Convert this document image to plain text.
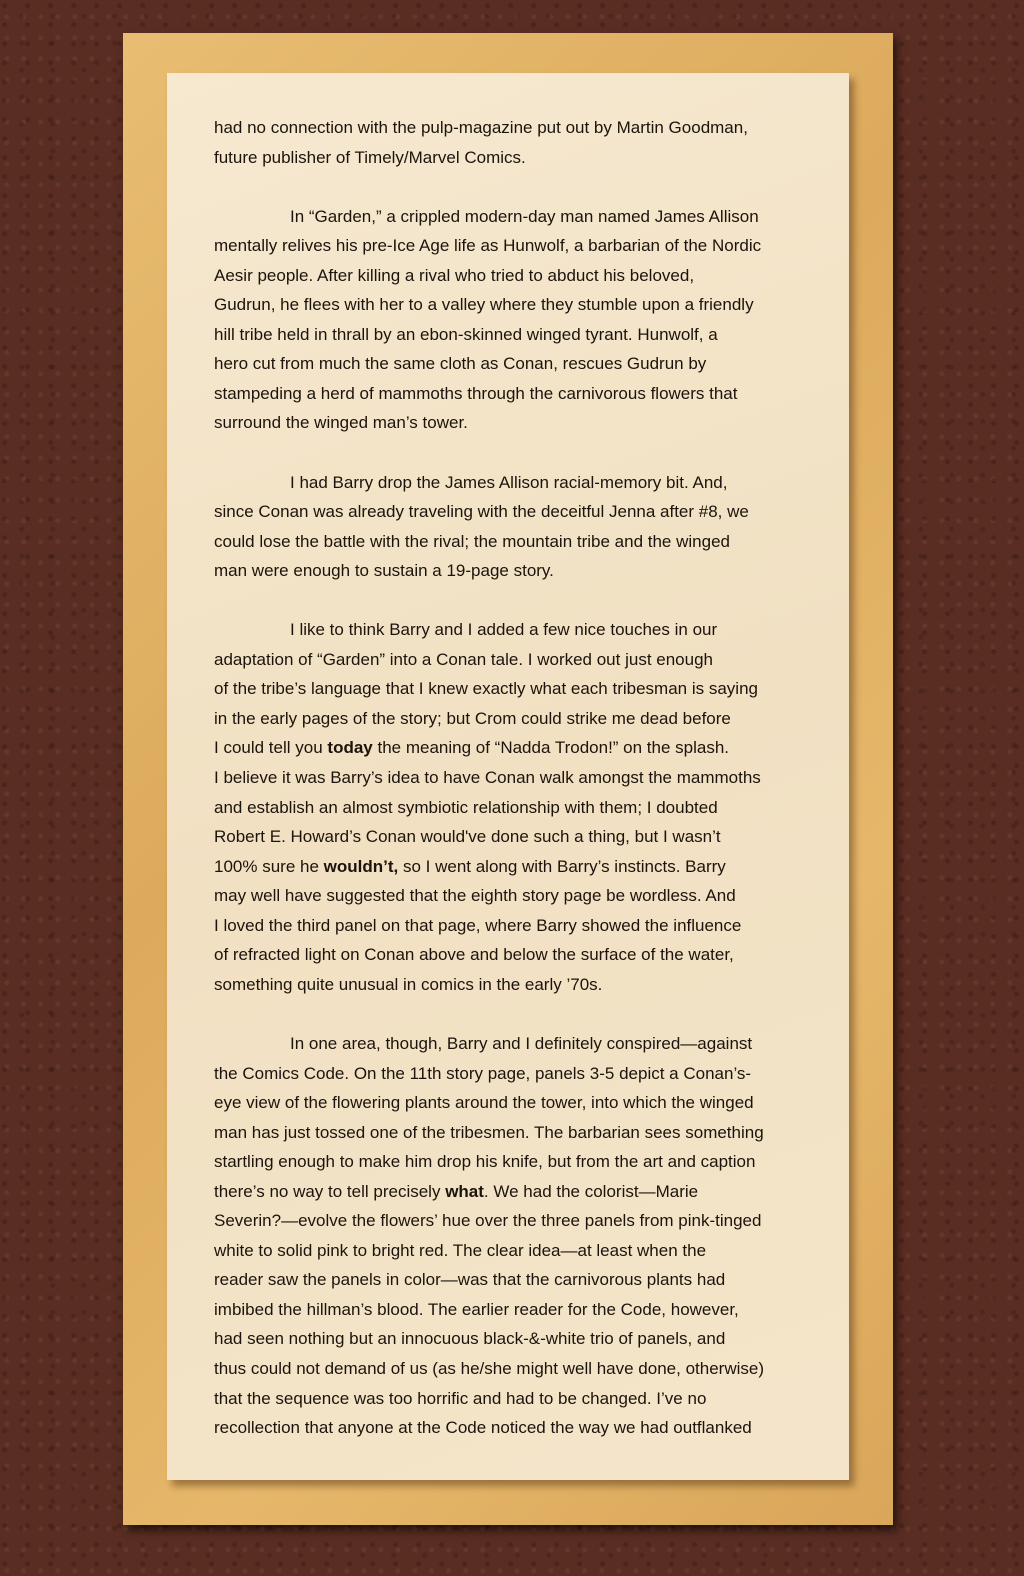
had no connection with the pulp-magazine put out by Martin Goodman,
future publisher of Timely/Marvel Comics.
In “Garden,” a crippled modern-day man named James Allison
mentally relives his pre-Ice Age life as Hunwolf, a barbarian of the Nordic
Aesir people. After killing a rival who tried to abduct his beloved,
Gudrun, he flees with her to a valley where they stumble upon a friendly
hill tribe held in thrall by an ebon-skinned winged tyrant. Hunwolf, a
hero cut from much the same cloth as Conan, rescues Gudrun by
stampeding a herd of mammoths through the carnivorous flowers that
surround the winged man’s tower.
I had Barry drop the James Allison racial-memory bit. And,
since Conan was already traveling with the deceitful Jenna after #8, we
could lose the battle with the rival; the mountain tribe and the winged
man were enough to sustain a 19-page story.
I like to think Barry and I added a few nice touches in our
adaptation of “Garden” into a Conan tale. I worked out just enough
of the tribe’s language that I knew exactly what each tribesman is saying
in the early pages of the story; but Crom could strike me dead before
I could tell you today the meaning of “Nadda Trodon!” on the splash.
I believe it was Barry’s idea to have Conan walk amongst the mammoths
and establish an almost symbiotic relationship with them; I doubted
Robert E. Howard’s Conan would've done such a thing, but I wasn’t
100% sure he wouldn’t, so I went along with Barry’s instincts. Barry
may well have suggested that the eighth story page be wordless. And
I loved the third panel on that page, where Barry showed the influence
of refracted light on Conan above and below the surface of the water,
something quite unusual in comics in the early ’70s.
In one area, though, Barry and I definitely conspired—against
the Comics Code. On the 11th story page, panels 3-5 depict a Conan’s-
eye view of the flowering plants around the tower, into which the winged
man has just tossed one of the tribesmen. The barbarian sees something
startling enough to make him drop his knife, but from the art and caption
there’s no way to tell precisely what. We had the colorist—Marie
Severin?—evolve the flowers’ hue over the three panels from pink-tinged
white to solid pink to bright red. The clear idea—at least when the
reader saw the panels in color—was that the carnivorous plants had
imbibed the hillman’s blood. The earlier reader for the Code, however,
had seen nothing but an innocuous black-&-white trio of panels, and
thus could not demand of us (as he/she might well have done, otherwise)
that the sequence was too horrific and had to be changed. I’ve no
recollection that anyone at the Code noticed the way we had outflanked
